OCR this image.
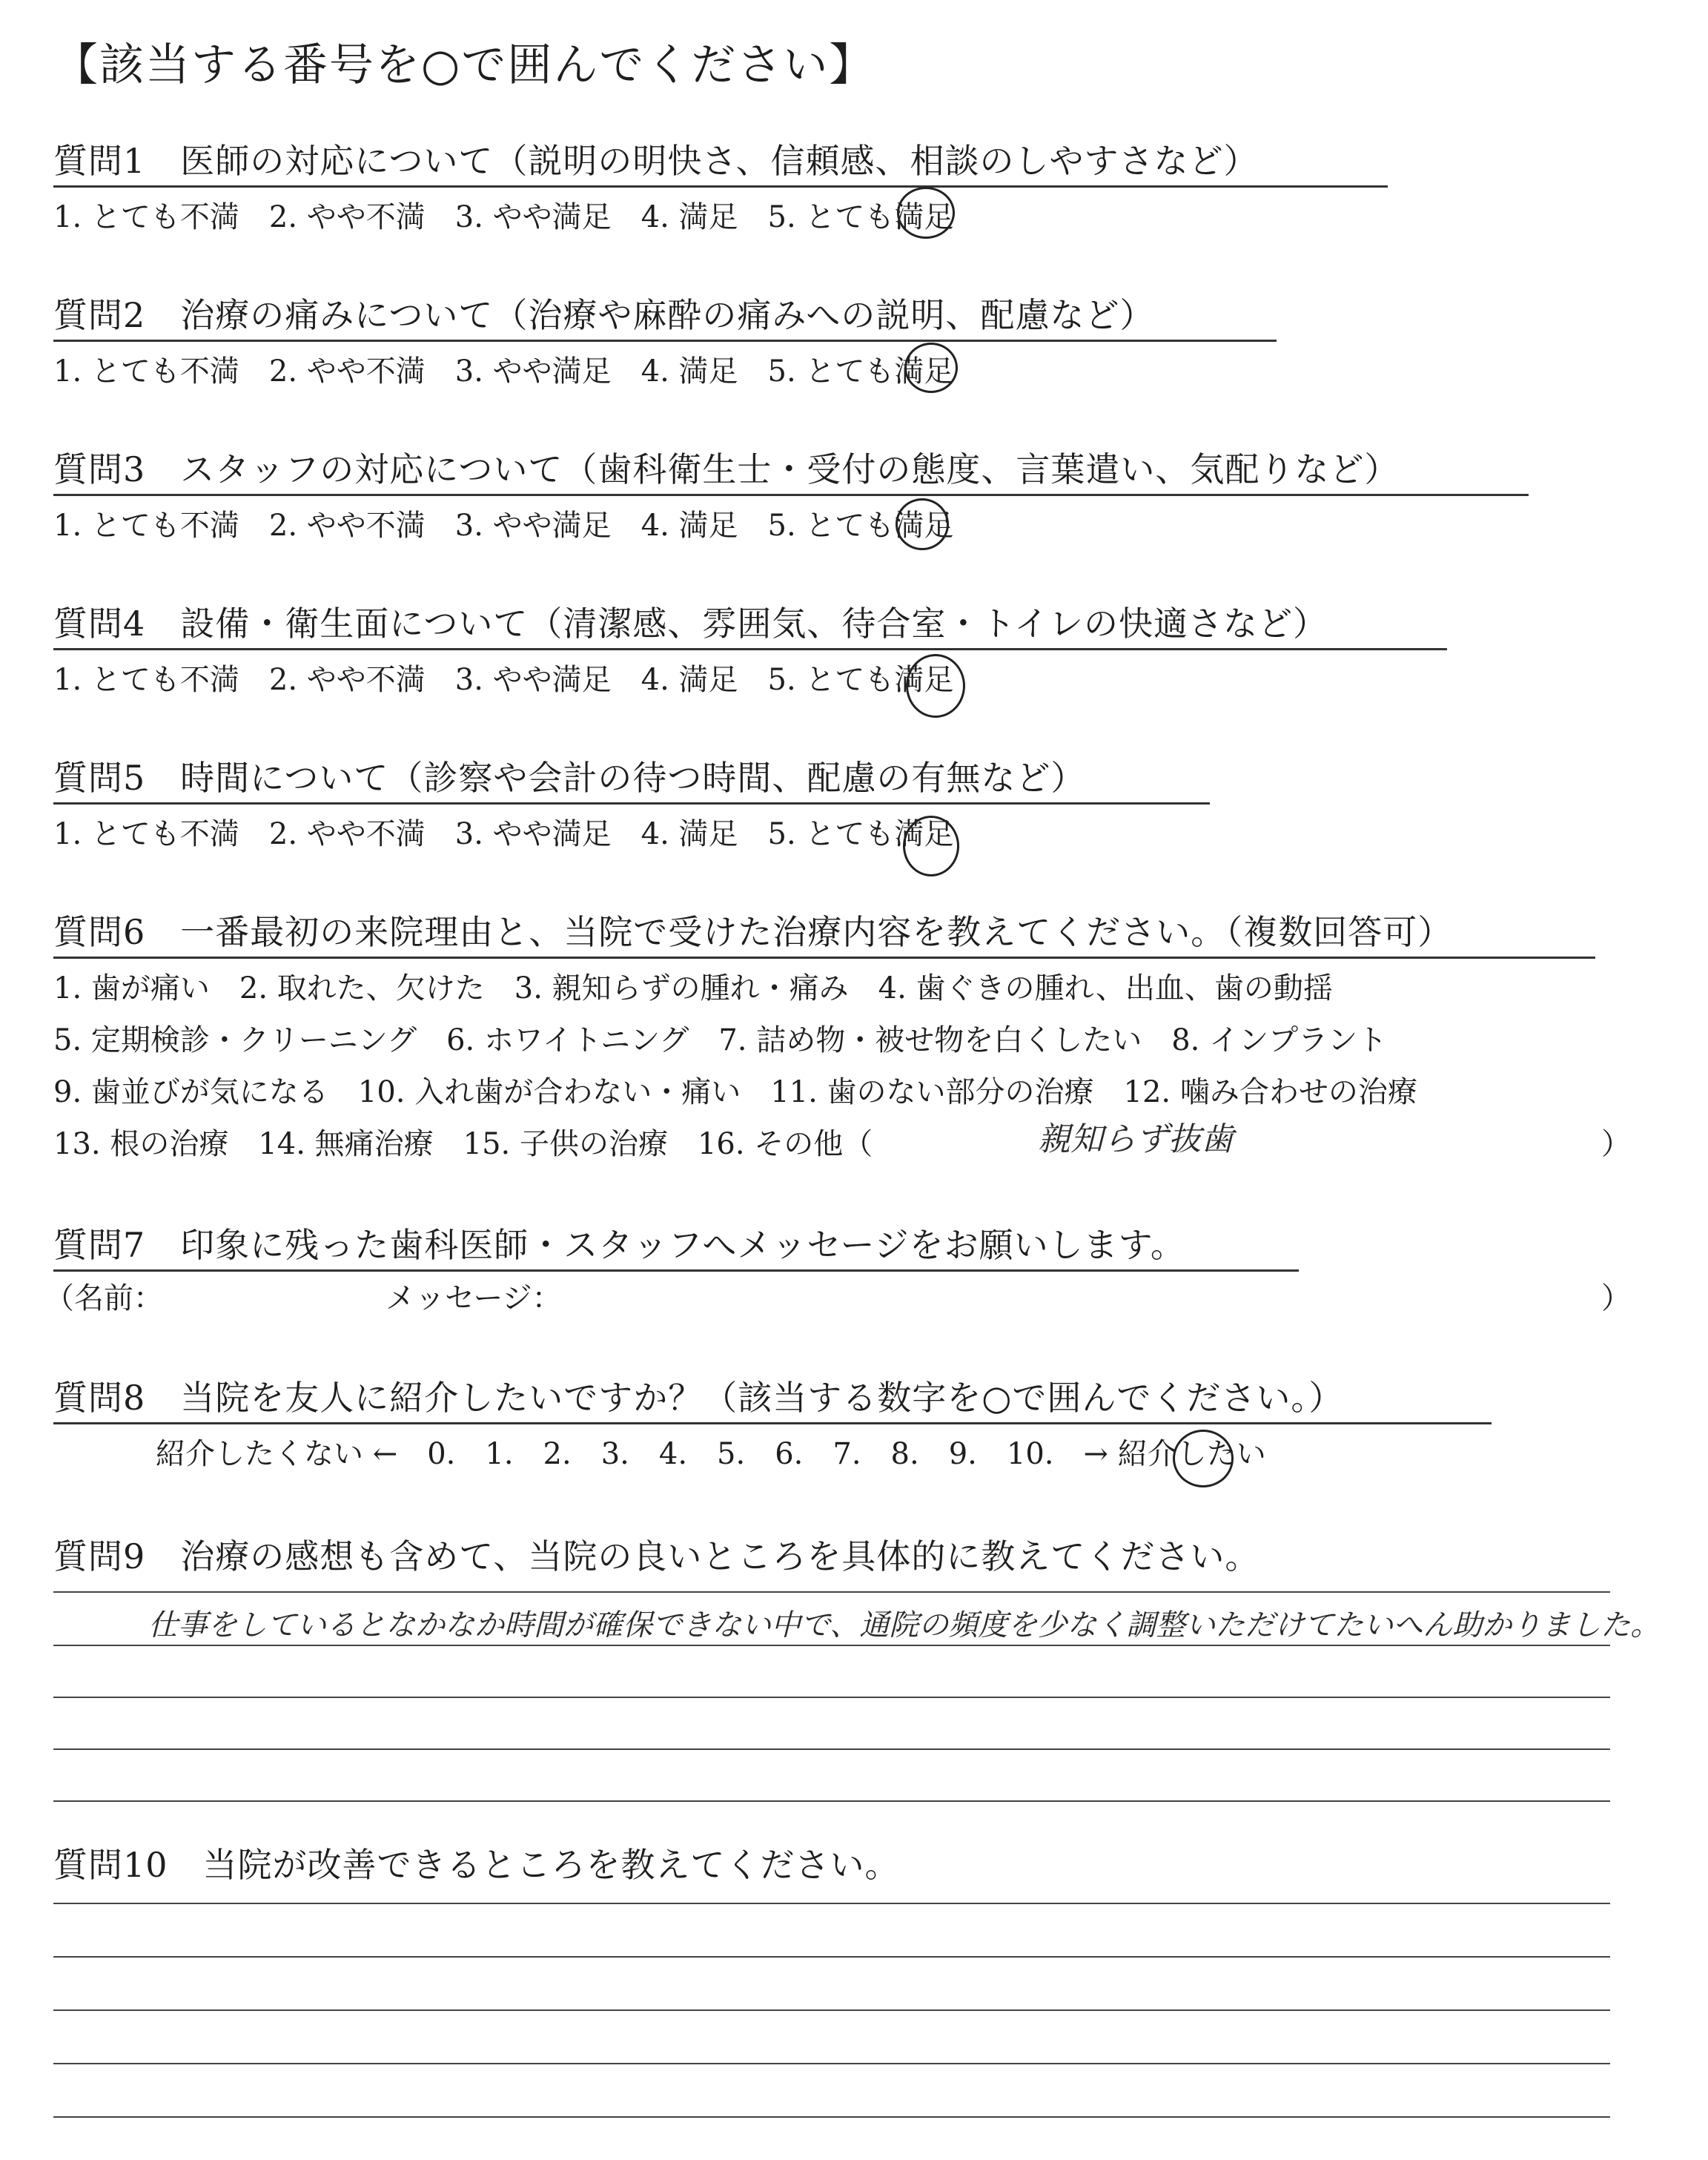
【該当する番号を○で囲んでください】
質問1　医師の対応について（説明の明快さ、信頼感、相談のしやすさなど）
1. とても不満　2. やや不満　3. やや満足　4. 満足　5. とても満足
質問2　治療の痛みについて（治療や麻酔の痛みへの説明、配慮など）
1. とても不満　2. やや不満　3. やや満足　4. 満足　5. とても満足
質問3　スタッフの対応について（歯科衛生士・受付の態度、言葉遣い、気配りなど）
1. とても不満　2. やや不満　3. やや満足　4. 満足　5. とても満足
質問4　設備・衛生面について（清潔感、雰囲気、待合室・トイレの快適さなど）
1. とても不満　2. やや不満　3. やや満足　4. 満足　5. とても満足
質問5　時間について（診察や会計の待つ時間、配慮の有無など）
1. とても不満　2. やや不満　3. やや満足　4. 満足　5. とても満足
質問6　一番最初の来院理由と、当院で受けた治療内容を教えてください。（複数回答可）
1. 歯が痛い　2. 取れた、欠けた　3. 親知らずの腫れ・痛み　4. 歯ぐきの腫れ、出血、歯の動揺
5. 定期検診・クリーニング　6. ホワイトニング　7. 詰め物・被せ物を白くしたい　8. インプラント
9. 歯並びが気になる　10. 入れ歯が合わない・痛い　11. 歯のない部分の治療　12. 噛み合わせの治療
13. 根の治療　14. 無痛治療　15. 子供の治療　16. その他（	親知らず抜歯	）
質問7　印象に残った歯科医師・スタッフへメッセージをお願いします。
（名前：	メッセージ：	）
質問8　当院を友人に紹介したいですか？（該当する数字を○で囲んでください。）
紹介したくない ←　0.　1.　2.　3.　4.　5.　6.　7.　8.　9.　10.　→ 紹介したい
質問9　治療の感想も含めて、当院の良いところを具体的に教えてください。
仕事をしているとなかなか時間が確保できない中で、通院の頻度を少なく調整いただけてたいへん助かりました。
質問10　当院が改善できるところを教えてください。
